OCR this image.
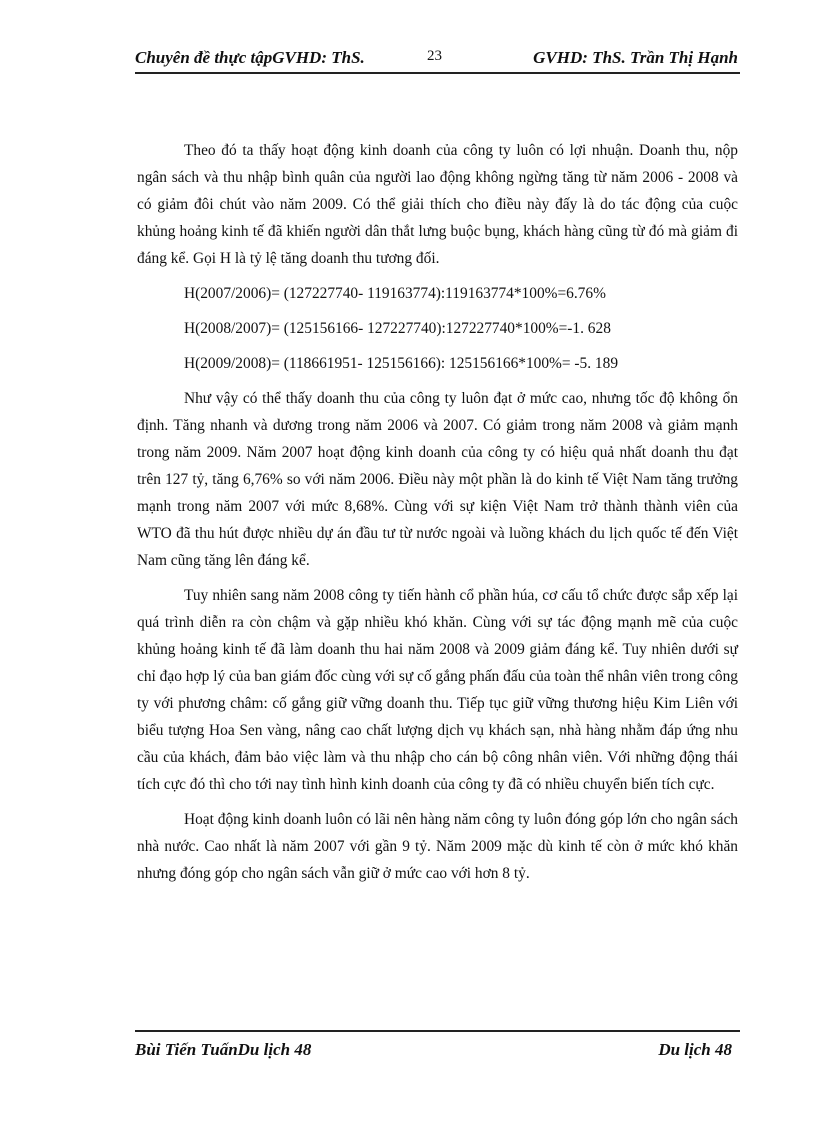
Chuyên đề thực tậpGVHD: ThS.	23	GVHD: ThS. Trần Thị Hạnh

Theo đó ta thấy hoạt động kinh doanh của công ty luôn có lợi nhuận. Doanh thu, nộp ngân sách và thu nhập bình quân của người lao động không ngừng tăng từ năm 2006 - 2008 và có giảm đôi chút vào năm 2009. Có thể giải thích cho điều này đấy là do tác động của cuộc khủng hoảng kinh tế đã khiến người dân thắt lưng buộc bụng, khách hàng cũng từ đó mà giảm đi đáng kể. Gọi H là tỷ lệ tăng doanh thu tương đối.

H(2007/2006)= (127227740- 119163774):119163774*100%=6.76%

H(2008/2007)= (125156166- 127227740):127227740*100%=-1. 628

H(2009/2008)= (118661951- 125156166): 125156166*100%= -5. 189

Như vậy có thể thấy doanh thu của công ty luôn đạt ở mức cao, nhưng tốc độ không ổn định. Tăng nhanh và dương trong năm 2006 và 2007. Có giảm trong năm 2008 và giảm mạnh trong năm 2009. Năm 2007 hoạt động kinh doanh của công ty có hiệu quả nhất doanh thu đạt trên 127 tỷ, tăng 6,76% so với năm 2006. Điều này một phần là do kinh tế Việt Nam tăng trưởng mạnh trong năm 2007 với mức 8,68%. Cùng với sự kiện Việt Nam trở thành thành viên của WTO đã thu hút được nhiều dự án đầu tư từ nước ngoài và luồng khách du lịch quốc tế đến Việt Nam cũng tăng lên đáng kể.

Tuy nhiên sang năm 2008 công ty tiến hành cổ phần húa, cơ cấu tổ chức được sắp xếp lại quá trình diễn ra còn chậm và gặp nhiều khó khăn. Cùng với sự tác động mạnh mẽ của cuộc khủng hoảng kinh tế đã làm doanh thu hai năm 2008 và 2009 giảm đáng kể. Tuy nhiên dưới sự chỉ đạo hợp lý của ban giám đốc cùng với sự cố gắng phấn đấu của toàn thể nhân viên trong công ty với phương châm: cố gắng giữ vững doanh thu. Tiếp tục giữ vững thương hiệu Kim Liên với biểu tượng Hoa Sen vàng, nâng cao chất lượng dịch vụ khách sạn, nhà hàng nhằm đáp ứng nhu cầu của khách, đảm bảo việc làm và thu nhập cho cán bộ công nhân viên. Với những động thái tích cực đó thì cho tới nay tình hình kinh doanh của công ty đã có nhiều chuyển biến tích cực.

Hoạt động kinh doanh luôn có lãi nên hàng năm công ty luôn đóng góp lớn cho ngân sách nhà nước. Cao nhất là năm 2007 với gần 9 tỷ. Năm 2009 mặc dù kinh tế còn ở mức khó khăn nhưng đóng góp cho ngân sách vẫn giữ ở mức cao với hơn 8 tỷ.

Bùi Tiến TuấnDu lịch 48	Du lịch 48
